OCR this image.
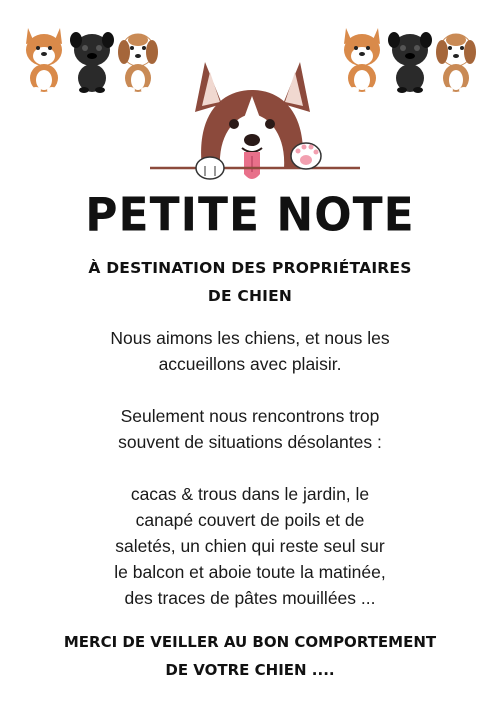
PETITE NOTE
À DESTINATION DES PROPRIÉTAIRES
DE CHIEN

Nous aimons les chiens, et nous les
accueillons avec plaisir.

Seulement nous rencontrons trop
souvent de situations désolantes :

cacas & trous dans le jardin, le
canapé couvert de poils et de
saletés, un chien qui reste seul sur
le balcon et aboie toute la matinée,
des traces de pâtes mouillées ...

MERCI DE VEILLER AU BON COMPORTEMENT
DE VOTRE CHIEN ....
